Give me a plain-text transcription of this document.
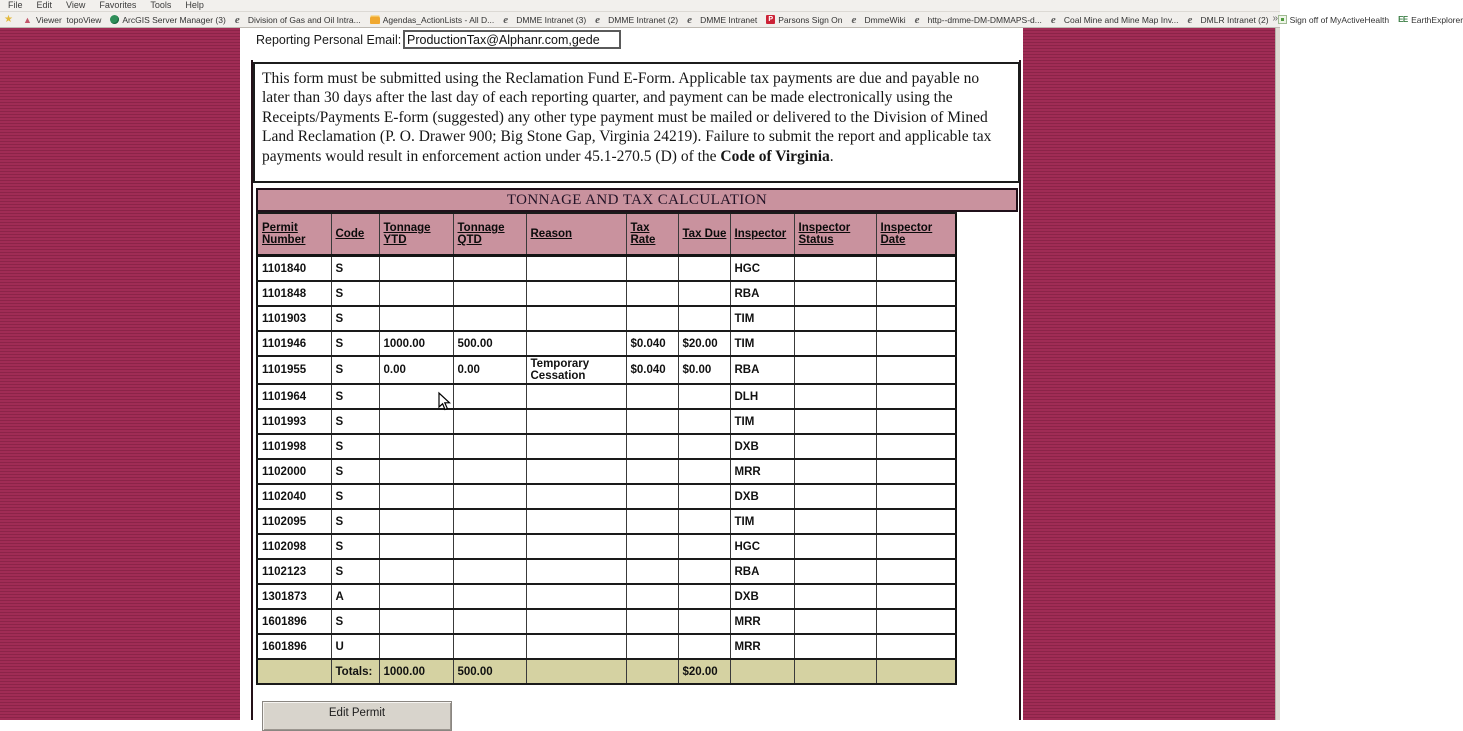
File Edit View Favorites Tools Help
★
▲
Viewer  topoView ArcGIS Server Manager (3) e	Division of Gas and Oil Intra...	Agendas_ActionLists - All D... e	DMME Intranet (3) e	DMME Intranet (2) e	DMME Intranet P Parsons Sign On e	DmmeWiki e	http--dmme-DM-DMMAPS-d... e	Coal Mine and Mine Map Inv... e	DMLR Intranet (2) Sign off of MyActiveHealth EE	EarthExplorer
»
Reporting Personal Email:
ProductionTax@Alphanr.com,gede
This form must be submitted using the Reclamation Fund E-Form. Applicable tax payments are due and payable no later than 30 days after the last day of each reporting quarter, and payment can be made electronically using the Receipts/Payments E-form (suggested) any other type payment must be mailed or delivered to the Division of Mined Land Reclamation (P. O. Drawer 900; Big Stone Gap, Virginia 24219). Failure to submit the report and applicable tax payments would result in enforcement action under 45.1-270.5 (D) of the Code of Virginia.
TONNAGE AND TAX CALCULATION
Permit Number	Code	Tonnage YTD	Tonnage QTD	Reason	Tax Rate	Tax Due	Inspector	Inspector Status	Inspector Date
1101840	S						HGC		
1101848	S						RBA		
1101903	S						TIM		
1101946	S	1000.00	500.00		$0.040	$20.00	TIM		
1101955	S	0.00	0.00	Temporary Cessation	$0.040	$0.00	RBA		
1101964	S						DLH		
1101993	S						TIM		
1101998	S						DXB		
1102000	S						MRR		
1102040	S						DXB		
1102095	S						TIM		
1102098	S						HGC		
1102123	S						RBA		
1301873	A						DXB		
1601896	S						MRR		
1601896	U						MRR		
	Totals:	1000.00	500.00			$20.00			
Edit Permit
